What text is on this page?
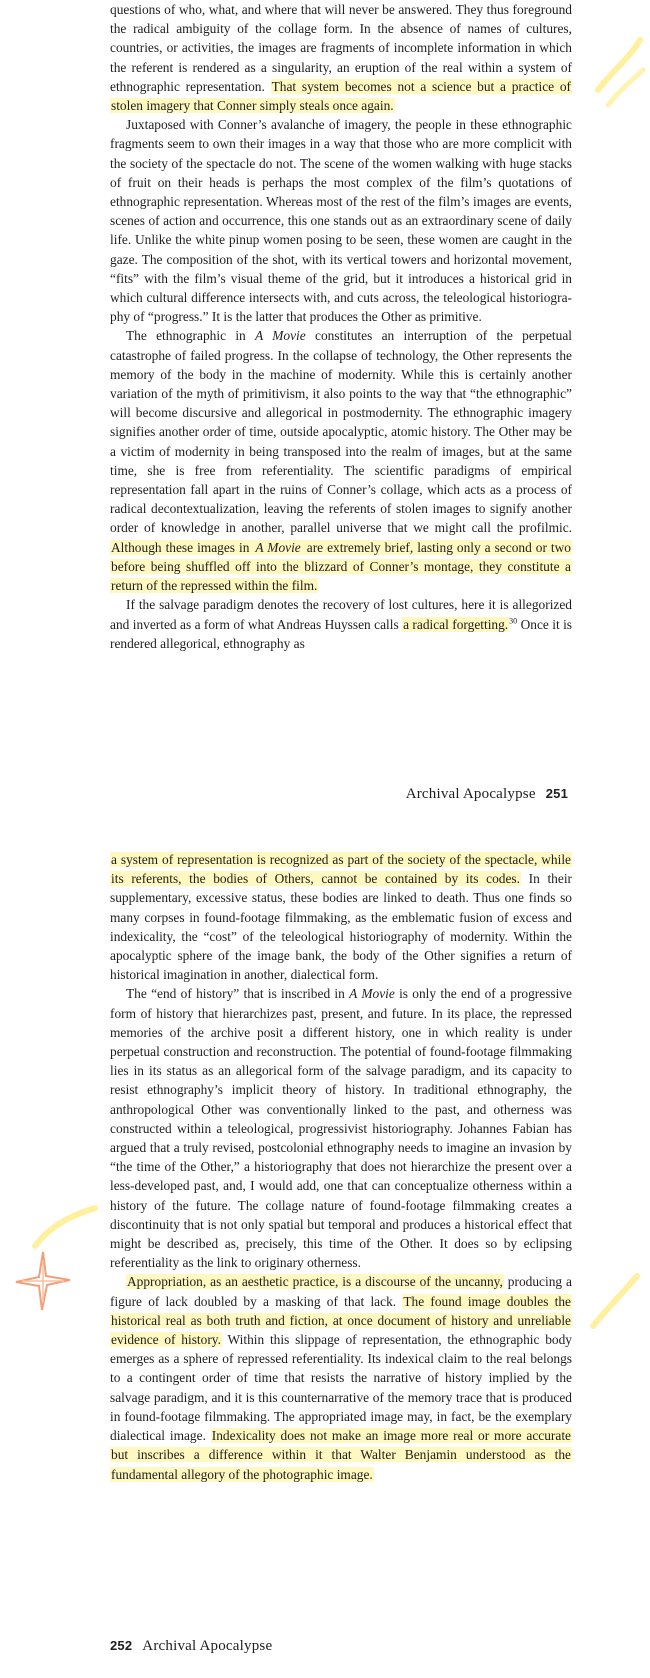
questions of who, what, and where that will never be answered. They thus foreground the radical ambiguity of the collage form. In the absence of names of cultures, countries, or activities, the images are fragments of incomplete information in which the referent is rendered as a singularity, an eruption of the real within a system of ethnographic representation. That system becomes not a science but a practice of stolen imagery that Conner simply steals once again.

Juxtaposed with Conner’s avalanche of imagery, the people in these ethnographic fragments seem to own their images in a way that those who are more complicit with the society of the spectacle do not. The scene of the women walking with huge stacks of fruit on their heads is perhaps the most complex of the film’s quotations of ethnographic representation. Whereas most of the rest of the film’s images are events, scenes of action and occurrence, this one stands out as an extraordinary scene of daily life. Unlike the white pinup women posing to be seen, these women are caught in the gaze. The composition of the shot, with its vertical towers and horizontal movement, “fits” with the film’s visual theme of the grid, but it introduces a historical grid in which cultural difference intersects with, and cuts across, the teleological historiography of “progress.” It is the latter that produces the Other as primitive.

The ethnographic in A Movie constitutes an interruption of the perpetual catastrophe of failed progress. In the collapse of technology, the Other represents the memory of the body in the machine of modernity. While this is certainly another variation of the myth of primitivism, it also points to the way that “the ethnographic” will become discursive and allegorical in postmodernity. The ethnographic imagery signifies another order of time, outside apocalyptic, atomic history. The Other may be a victim of modernity in being transposed into the realm of images, but at the same time, she is free from referentiality. The scientific paradigms of empirical representation fall apart in the ruins of Conner’s collage, which acts as a process of radical decontextualization, leaving the referents of stolen images to signify another order of knowledge in another, parallel universe that we might call the profilmic. Although these images in A Movie are extremely brief, lasting only a second or two before being shuffled off into the blizzard of Conner’s montage, they constitute a return of the repressed within the film.

If the salvage paradigm denotes the recovery of lost cultures, here it is allegorized and inverted as a form of what Andreas Huyssen calls a radical forgetting.$^{30}$ Once it is rendered allegorical, ethnography as

Archival Apocalypse 251

a system of representation is recognized as part of the society of the spectacle, while its referents, the bodies of Others, cannot be contained by its codes. In their supplementary, excessive status, these bodies are linked to death. Thus one finds so many corpses in found-footage filmmaking, as the emblematic fusion of excess and indexicality, the “cost” of the teleological historiography of modernity. Within the apocalyptic sphere of the image bank, the body of the Other signifies a return of historical imagination in another, dialectical form.

The “end of history” that is inscribed in A Movie is only the end of a progressive form of history that hierarchizes past, present, and future. In its place, the repressed memories of the archive posit a different history, one in which reality is under perpetual construction and reconstruction. The potential of found-footage filmmaking lies in its status as an allegorical form of the salvage paradigm, and its capacity to resist ethnography’s implicit theory of history. In traditional ethnography, the anthropological Other was conventionally linked to the past, and otherness was constructed within a teleological, progressivist historiography. Johannes Fabian has argued that a truly revised, postcolonial ethnography needs to imagine an invasion by “the time of the Other,” a historiography that does not hierarchize the present over a less-developed past, and, I would add, one that can conceptualize otherness within a history of the future. The collage nature of found-footage filmmaking creates a discontinuity that is not only spatial but temporal and produces a historical effect that might be described as, precisely, this time of the Other. It does so by eclipsing referentiality as the link to originary otherness.

Appropriation, as an aesthetic practice, is a discourse of the uncanny, producing a figure of lack doubled by a masking of that lack. The found image doubles the historical real as both truth and fiction, at once document of history and unreliable evidence of history. Within this slippage of representation, the ethnographic body emerges as a sphere of repressed referentiality. Its indexical claim to the real belongs to a contingent order of time that resists the narrative of history implied by the salvage paradigm, and it is this counternarrative of the memory trace that is produced in found-footage filmmaking. The appropriated image may, in fact, be the exemplary dialectical image. Indexicality does not make an image more real or more accurate but inscribes a difference within it that Walter Benjamin understood as the fundamental allegory of the photographic image.

252 Archival Apocalypse
